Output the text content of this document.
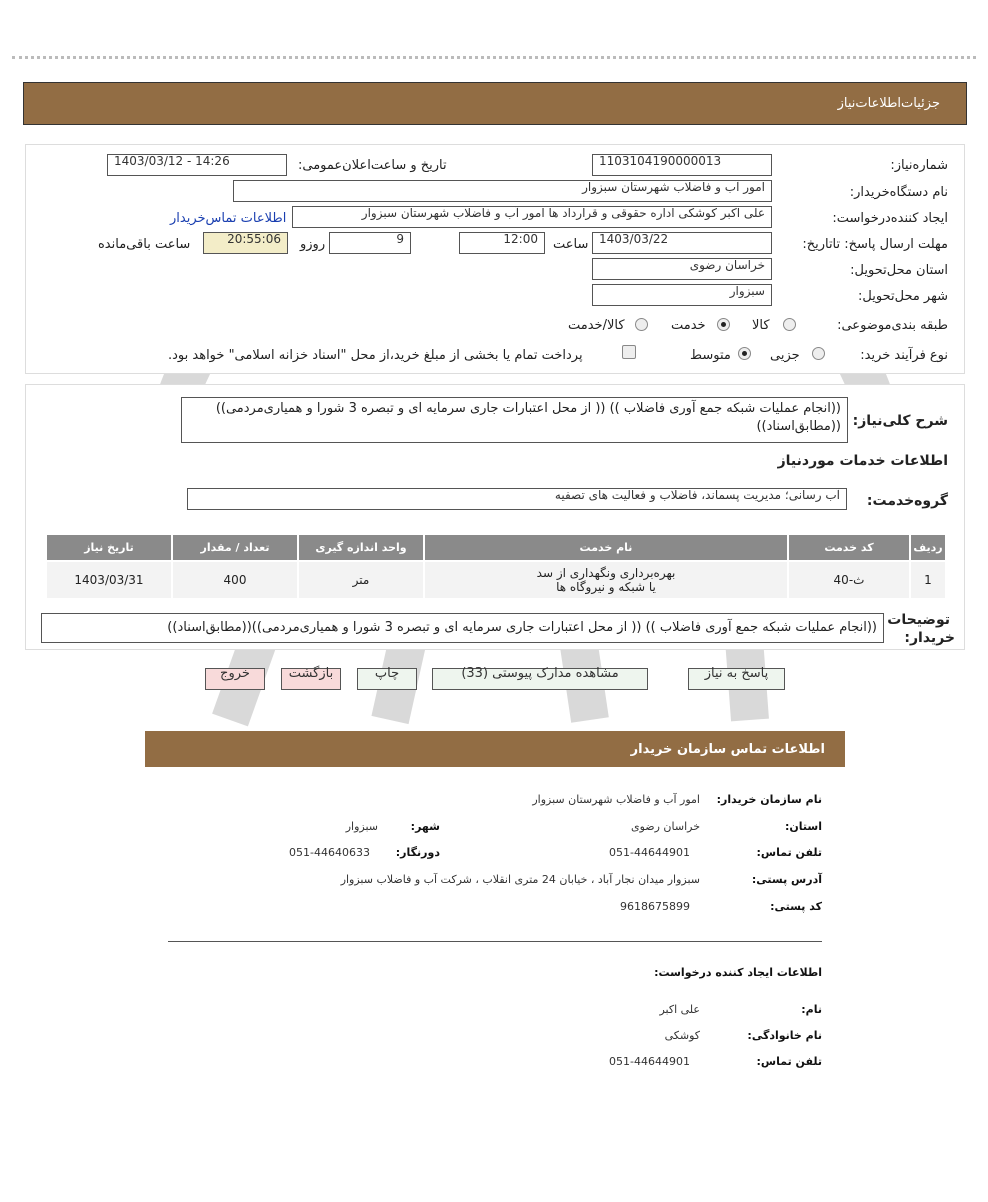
جزئیات‌اطلاعات‌نیاز
شماره‌نیاز:
1103104190000013
تاریخ و ساعت‌اعلان‌عمومی:
1403/03/12 - 14:26
نام دستگاه‌خریدار:
امور آب و فاضلاب شهرستان سبزوار
ایجاد کننده‌درخواست:
علی اکبر کوشکی اداره حقوقی و قرارداد ها امور آب و فاضلاب شهرستان سبزوار
اطلاعات تماس‌خریدار
مهلت ارسال پاسخ: تاتاریخ:
1403/03/22
ساعت
12:00
9
روزو
20:55:06
ساعت باقی‌مانده
استان محل‌تحویل:
خراسان رضوی
شهر محل‌تحویل:
سبزوار
طبقه بندی‌موضوعی:
کالا
خدمت
کالا/خدمت
نوع فرآیند خرید:
جزیی
متوسط
پرداخت تمام یا بخشی از مبلغ خرید،از محل "اسناد خزانه اسلامی" خواهد بود.
شرح کلی‌نیاز:
((انجام عملیات شبکه جمع آوری فاضلاب )) (( از محل اعتبارات جاری سرمایه ای و تبصره 3 شورا و همیاری‌مردمی)) ((مطابق‌اسناد))
اطلاعات خدمات مورد‌نیاز
گروه‌خدمت:
آب رسانی؛ مدیریت پسماند، فاضلاب و فعالیت های تصفیه
ردیف	کد خدمت	نام خدمت	واحد اندازه گیری	تعداد / مقدار	تاریخ نیاز
1	ث-40	بهره‌برداری ونگهداری از سد
یا شبکه و نیروگاه ها	متر	400	1403/03/31
توضیحات
خریدار:
((انجام عملیات شبکه جمع آوری فاضلاب )) (( از محل اعتبارات جاری سرمایه ای و تبصره 3 شورا و همیاری‌مردمی))((مطابق‌اسناد))
پاسخ به نیاز
مشاهده مدارک پیوستی (33)
چاپ
بازگشت
خروج
اطلاعات تماس سازمان خریدار
نام سازمان خریدار:
امور آب و فاضلاب شهرستان سبزوار
استان:
خراسان رضوی
شهر:
سبزوار
تلفن تماس:
051-44644901
دورنگار:
051-44640633
آدرس پستی:
سبزوار میدان نجار آباد ، خیابان 24 متری انقلاب ، شرکت آب و فاضلاب سبزوار
کد پستی:
9618675899
اطلاعات ایجاد کننده درخواست:
نام:
علی اکبر
نام خانوادگی:
کوشکی
تلفن تماس:
051-44644901
